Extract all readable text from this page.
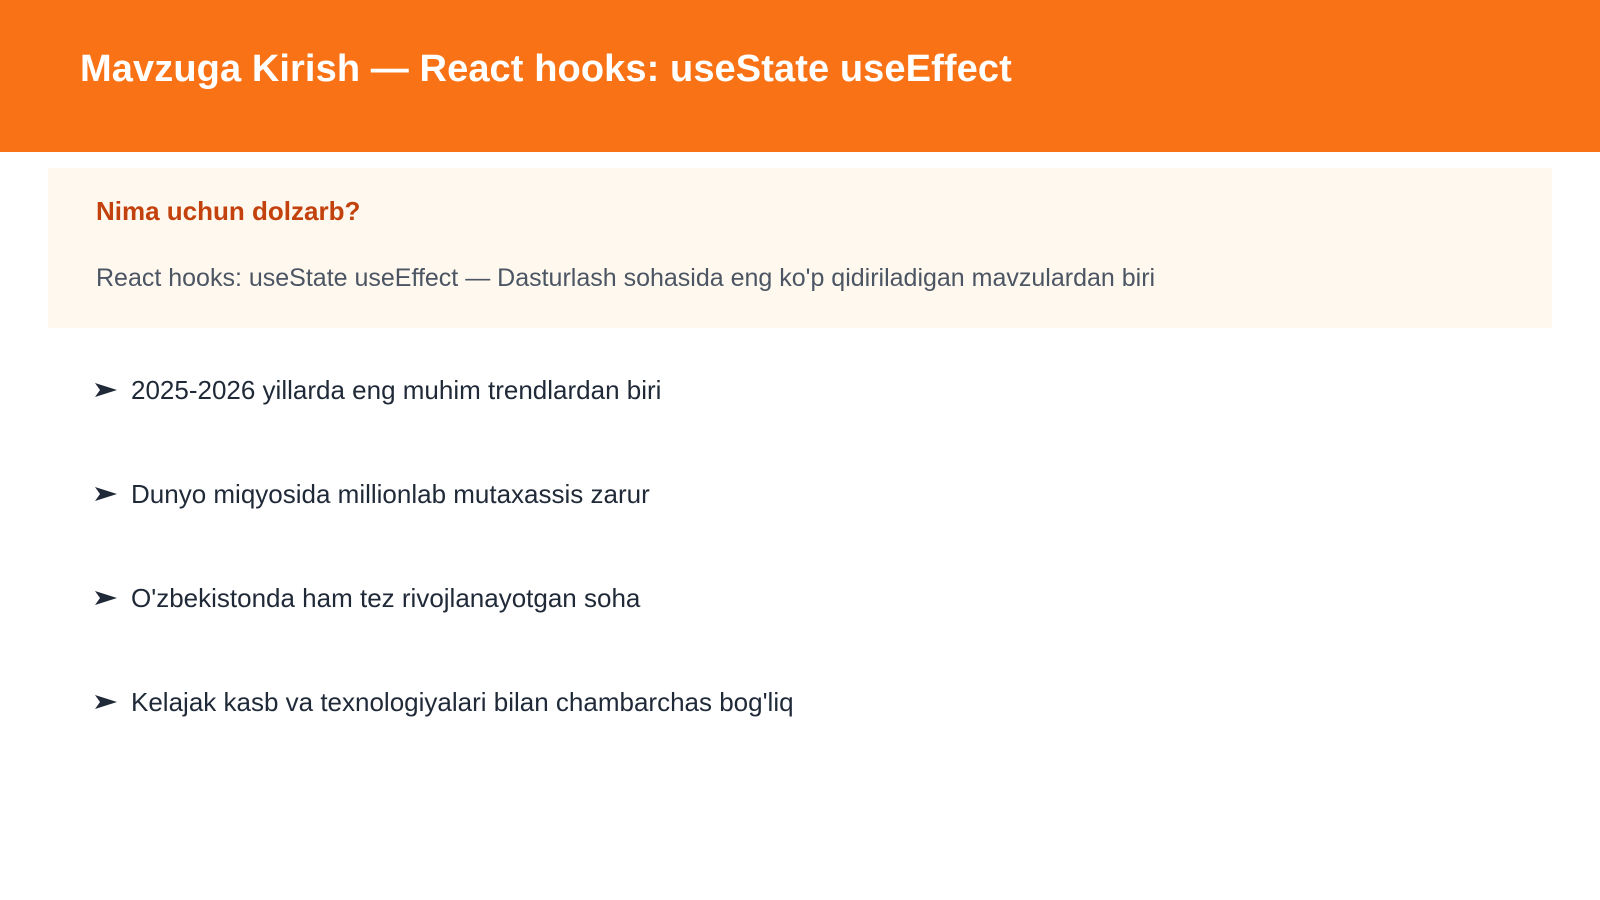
Mavzuga Kirish — React hooks: useState useEffect
Nima uchun dolzarb?
React hooks: useState useEffect — Dasturlash sohasida eng ko'p qidiriladigan mavzulardan biri
2025-2026 yillarda eng muhim trendlardan biri
Dunyo miqyosida millionlab mutaxassis zarur
O'zbekistonda ham tez rivojlanayotgan soha
Kelajak kasb va texnologiyalari bilan chambarchas bog'liq
